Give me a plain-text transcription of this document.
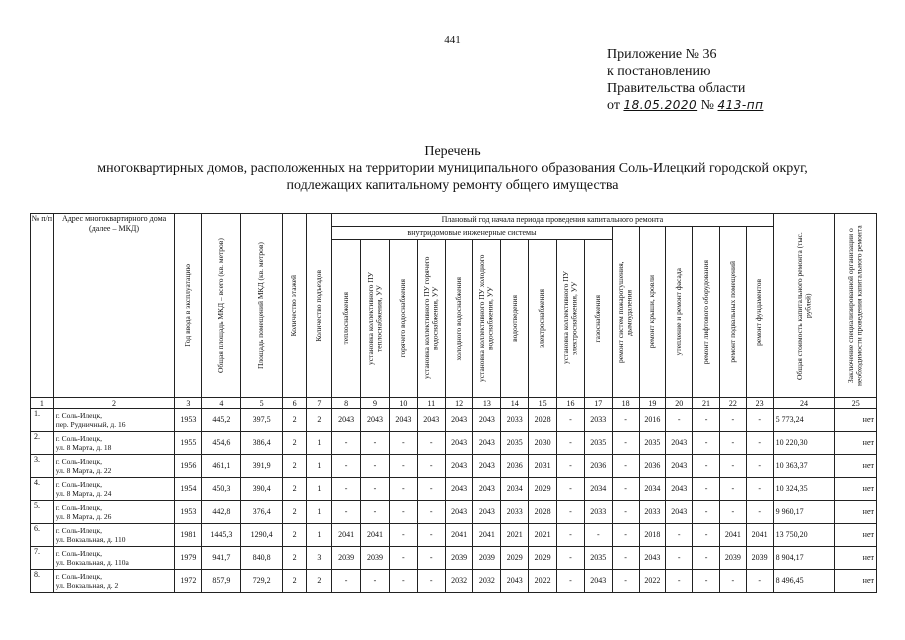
441
Приложение № 36
к постановлению
Правительства области
от 18.05.2020 № 413-пп
Перечень
многоквартирных домов, расположенных на территории муниципального образования Соль-Илецкий городской округ,
подлежащих капитальному ремонту общего имущества
№ п/п	Адрес многоквартирного дома (далее – МКД)	Год ввода в эксплуатацию	Общая площадь МКД – всего (кв. метров)	Площадь помещений МКД (кв. метров)	Количество этажей	Количество подъездов	Плановый год начала периода проведения капитального ремонта																Общая стоимость капитального ремонта (тыс. рублей)	Заключение специализированной организации о необходимости проведения капитального ремонта

							внутридомовые инженерные системы										ремонт систем пожаротушения, дымоудаления	ремонт крыши, кровли	утепление и ремонт фасада	ремонт лифтового оборудования	ремонт подвальных помещений	ремонт фундаментов		

							теплоснабжения	установка коллективного ПУ теплоснабжения, УУ	горячего водоснабжения	установка коллективного ПУ горячего водоснабжения, УУ	холодного водоснабжения	установка коллективного ПУ холодного водоснабжения, УУ	водоотведения	электроснабжения	установка коллективного ПУ электроснабжения, УУ	газоснабжения								

1	2	3	4	5	6	7	8	9	10	11	12	13	14	15	16	17	18	19	20	21	22	23	24	25
1.	г. Соль-Илецк,
пер. Рудничный, д. 16	1953	445,2	397,5	2	2	2043	2043	2043	2043	2043	2043	2033	2028	-	2033	-	2016	-	-	-	-	5 773,24	нет
2.	г. Соль-Илецк,
ул. 8 Марта, д. 18	1955	454,6	386,4	2	1	-	-	-	-	2043	2043	2035	2030	-	2035	-	2035	2043	-	-	-	10 220,30	нет
3.	г. Соль-Илецк,
ул. 8 Марта, д. 22	1956	461,1	391,9	2	1	-	-	-	-	2043	2043	2036	2031	-	2036	-	2036	2043	-	-	-	10 363,37	нет
4.	г. Соль-Илецк,
ул. 8 Марта, д. 24	1954	450,3	390,4	2	1	-	-	-	-	2043	2043	2034	2029	-	2034	-	2034	2043	-	-	-	10 324,35	нет
5.	г. Соль-Илецк,
ул. 8 Марта, д. 26	1953	442,8	376,4	2	1	-	-	-	-	2043	2043	2033	2028	-	2033	-	2033	2043	-	-	-	9 960,17	нет
6.	г. Соль-Илецк,
ул. Вокзальная, д. 110	1981	1445,3	1290,4	2	1	2041	2041	-	-	2041	2041	2021	2021	-	-	-	2018	-	-	2041	2041	13 750,20	нет
7.	г. Соль-Илецк,
ул. Вокзальная, д. 110а	1979	941,7	840,8	2	3	2039	2039	-	-	2039	2039	2029	2029	-	2035	-	2043	-	-	2039	2039	8 904,17	нет
8.	г. Соль-Илецк,
ул. Вокзальная, д. 2	1972	857,9	729,2	2	2	-	-	-	-	2032	2032	2043	2022	-	2043	-	2022	-	-	-	-	8 496,45	нет
